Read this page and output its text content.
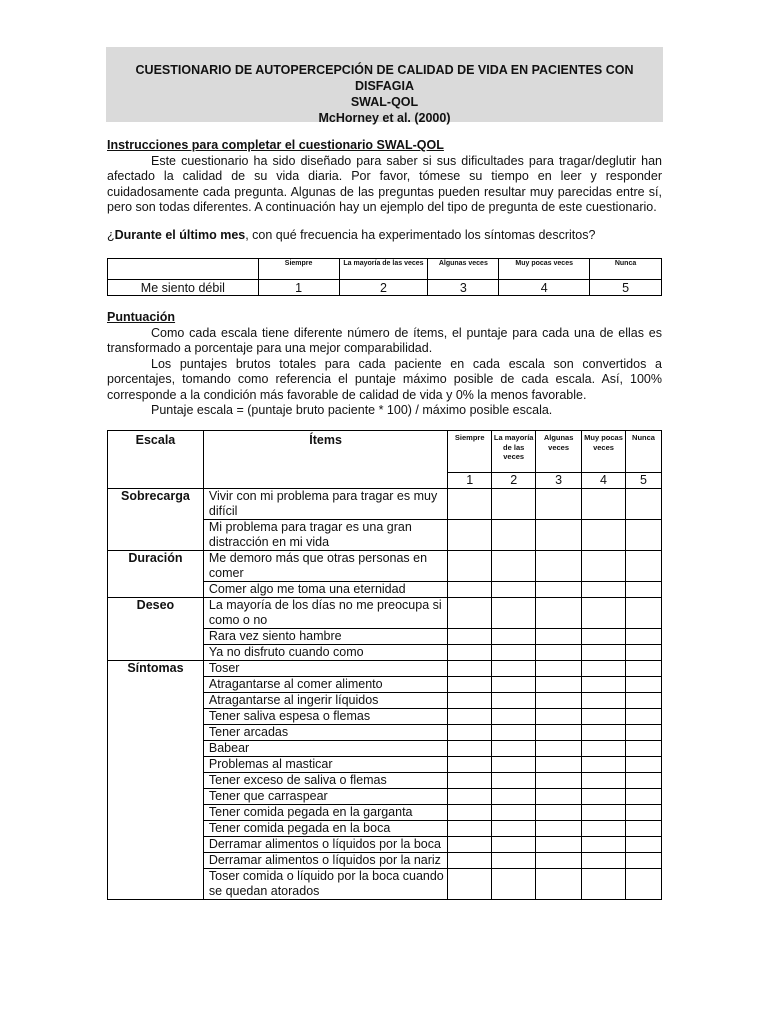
CUESTIONARIO DE AUTOPERCEPCIÓN DE CALIDAD DE VIDA EN PACIENTES CON DISFAGIA
SWAL-QOL
McHorney et al. (2000)
Instrucciones para completar el cuestionario SWAL-QOL
Este cuestionario ha sido diseñado para saber si sus dificultades para tragar/deglutir han afectado la calidad de su vida diaria. Por favor, tómese su tiempo en leer y responder cuidadosamente cada pregunta. Algunas de las preguntas pueden resultar muy parecidas entre sí, pero son todas diferentes. A continuación hay un ejemplo del tipo de pregunta de este cuestionario.
¿Durante el último mes, con qué frecuencia ha experimentado los síntomas descritos?
	Siempre	La mayoría de las veces	Algunas veces	Muy pocas veces	Nunca
Me siento débil	1	2	3	4	5
Puntuación
Como cada escala tiene diferente número de ítems, el puntaje para cada una de ellas es transformado a porcentaje para una mejor comparabilidad.
Los puntajes brutos totales para cada paciente en cada escala son convertidos a porcentajes, tomando como referencia el puntaje máximo posible de cada escala. Así, 100% corresponde a la condición más favorable de calidad de vida y 0% la menos favorable.
Puntaje escala = (puntaje bruto paciente * 100) / máximo posible escala.
Escala	Ítems	Siempre	La mayoría de las veces	Algunas veces	Muy pocas veces	Nunca
		1	2	3	4	5
Sobrecarga	Vivir con mi problema para tragar es muy difícil					
	Mi problema para tragar es una gran distracción en mi vida					
Duración	Me demoro más que otras personas en comer					
	Comer algo me toma una eternidad					
Deseo	La mayoría de los días no me preocupa si como o no					
	Rara vez siento hambre					
	Ya no disfruto cuando como					
Síntomas	Toser					
	Atragantarse al comer alimento					
	Atragantarse al ingerir líquidos					
	Tener saliva espesa o flemas					
	Tener arcadas					
	Babear					
	Problemas al masticar					
	Tener exceso de saliva o flemas					
	Tener que carraspear					
	Tener comida pegada en la garganta					
	Tener comida pegada en la boca					
	Derramar alimentos o líquidos por la boca					
	Derramar alimentos o líquidos por la nariz					
	Toser comida o líquido por la boca cuando se quedan atorados					
